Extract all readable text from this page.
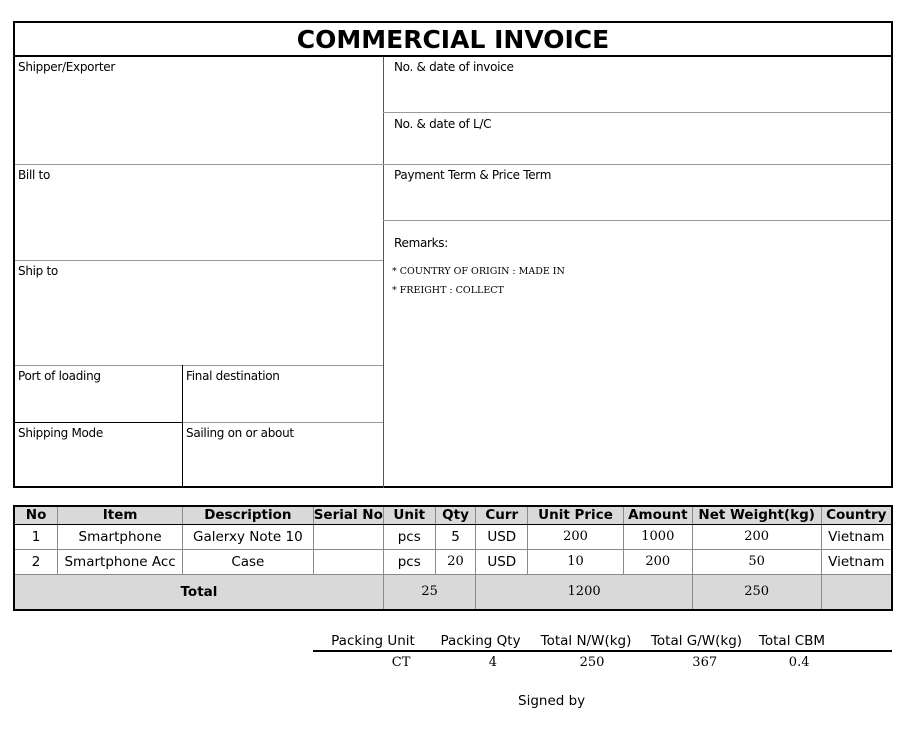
COMMERCIAL INVOICE
Shipper/Exporter
Bill to
Ship to
Port of loading	Final destination
Shipping Mode	Sailing on or about
No. & date of invoice
No. & date of L/C
Payment Term & Price Term
Remarks:
* COUNTRY OF ORIGIN : MADE IN
* FREIGHT : COLLECT
No	Item	Description	Serial No	Unit	Qty	Curr	Unit Price	Amount	Net Weight(kg)	Country
1	Smartphone	Galerxy Note 10		pcs	5	USD	200	1000	200	Vietnam
2	Smartphone Acc	Case		pcs	20	USD	10	200	50	Vietnam
Total				25		1200			250	
Packing Unit	Packing Qty	Total N/W(kg)	Total G/W(kg)	Total CBM
CT	4	250	367	0.4
Signed by
